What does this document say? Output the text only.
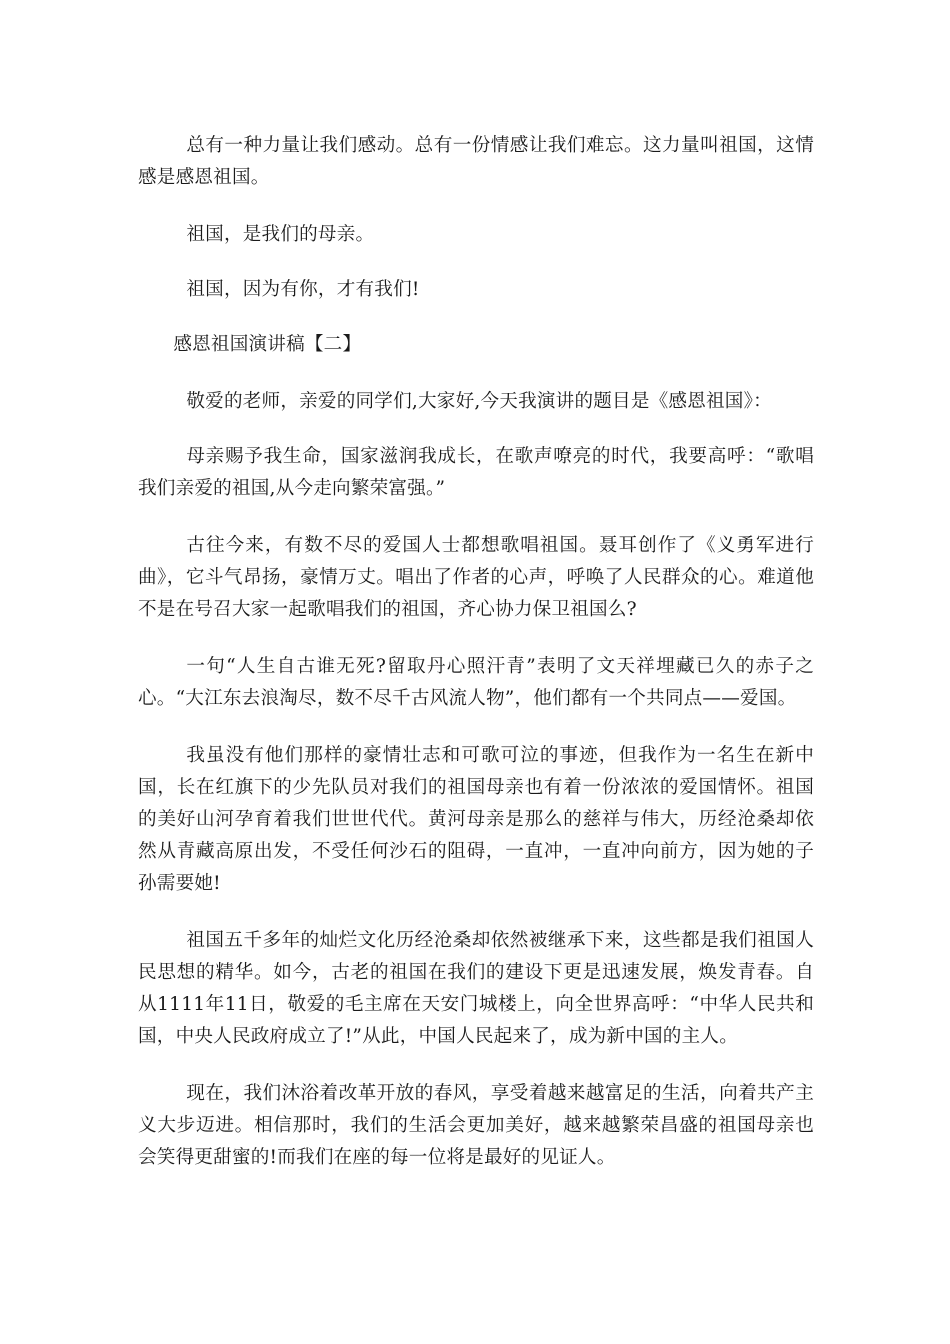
总有一种力量让我们感动。总有一份情感让我们难忘。这力量叫祖国，这情感是感恩祖国。

祖国，是我们的母亲。

祖国，因为有你，才有我们!

感恩祖国演讲稿【二】

敬爱的老师，亲爱的同学们,大家好,今天我演讲的题目是《感恩祖国》：

母亲赐予我生命，国家滋润我成长，在歌声嘹亮的时代，我要高呼：“歌唱我们亲爱的祖国,从今走向繁荣富强。”

古往今来，有数不尽的爱国人士都想歌唱祖国。聂耳创作了《义勇军进行曲》，它斗气昂扬，豪情万丈。唱出了作者的心声，呼唤了人民群众的心。难道他不是在号召大家一起歌唱我们的祖国，齐心协力保卫祖国么?

一句“人生自古谁无死?留取丹心照汗青”表明了文天祥埋藏已久的赤子之心。“大江东去浪淘尽，数不尽千古风流人物”，他们都有一个共同点——爱国。

我虽没有他们那样的豪情壮志和可歌可泣的事迹，但我作为一名生在新中国，长在红旗下的少先队员对我们的祖国母亲也有着一份浓浓的爱国情怀。祖国的美好山河孕育着我们世世代代。黄河母亲是那么的慈祥与伟大，历经沧桑却依然从青藏高原出发，不受任何沙石的阻碍，一直冲，一直冲向前方，因为她的子孙需要她!

祖国五千多年的灿烂文化历经沧桑却依然被继承下来，这些都是我们祖国人民思想的精华。如今，古老的祖国在我们的建设下更是迅速发展，焕发青春。自从1111年11日，敬爱的毛主席在天安门城楼上，向全世界高呼：“中华人民共和国，中央人民政府成立了!”从此，中国人民起来了，成为新中国的主人。

现在，我们沐浴着改革开放的春风，享受着越来越富足的生活，向着共产主义大步迈进。相信那时，我们的生活会更加美好，越来越繁荣昌盛的祖国母亲也会笑得更甜蜜的!而我们在座的每一位将是最好的见证人。
